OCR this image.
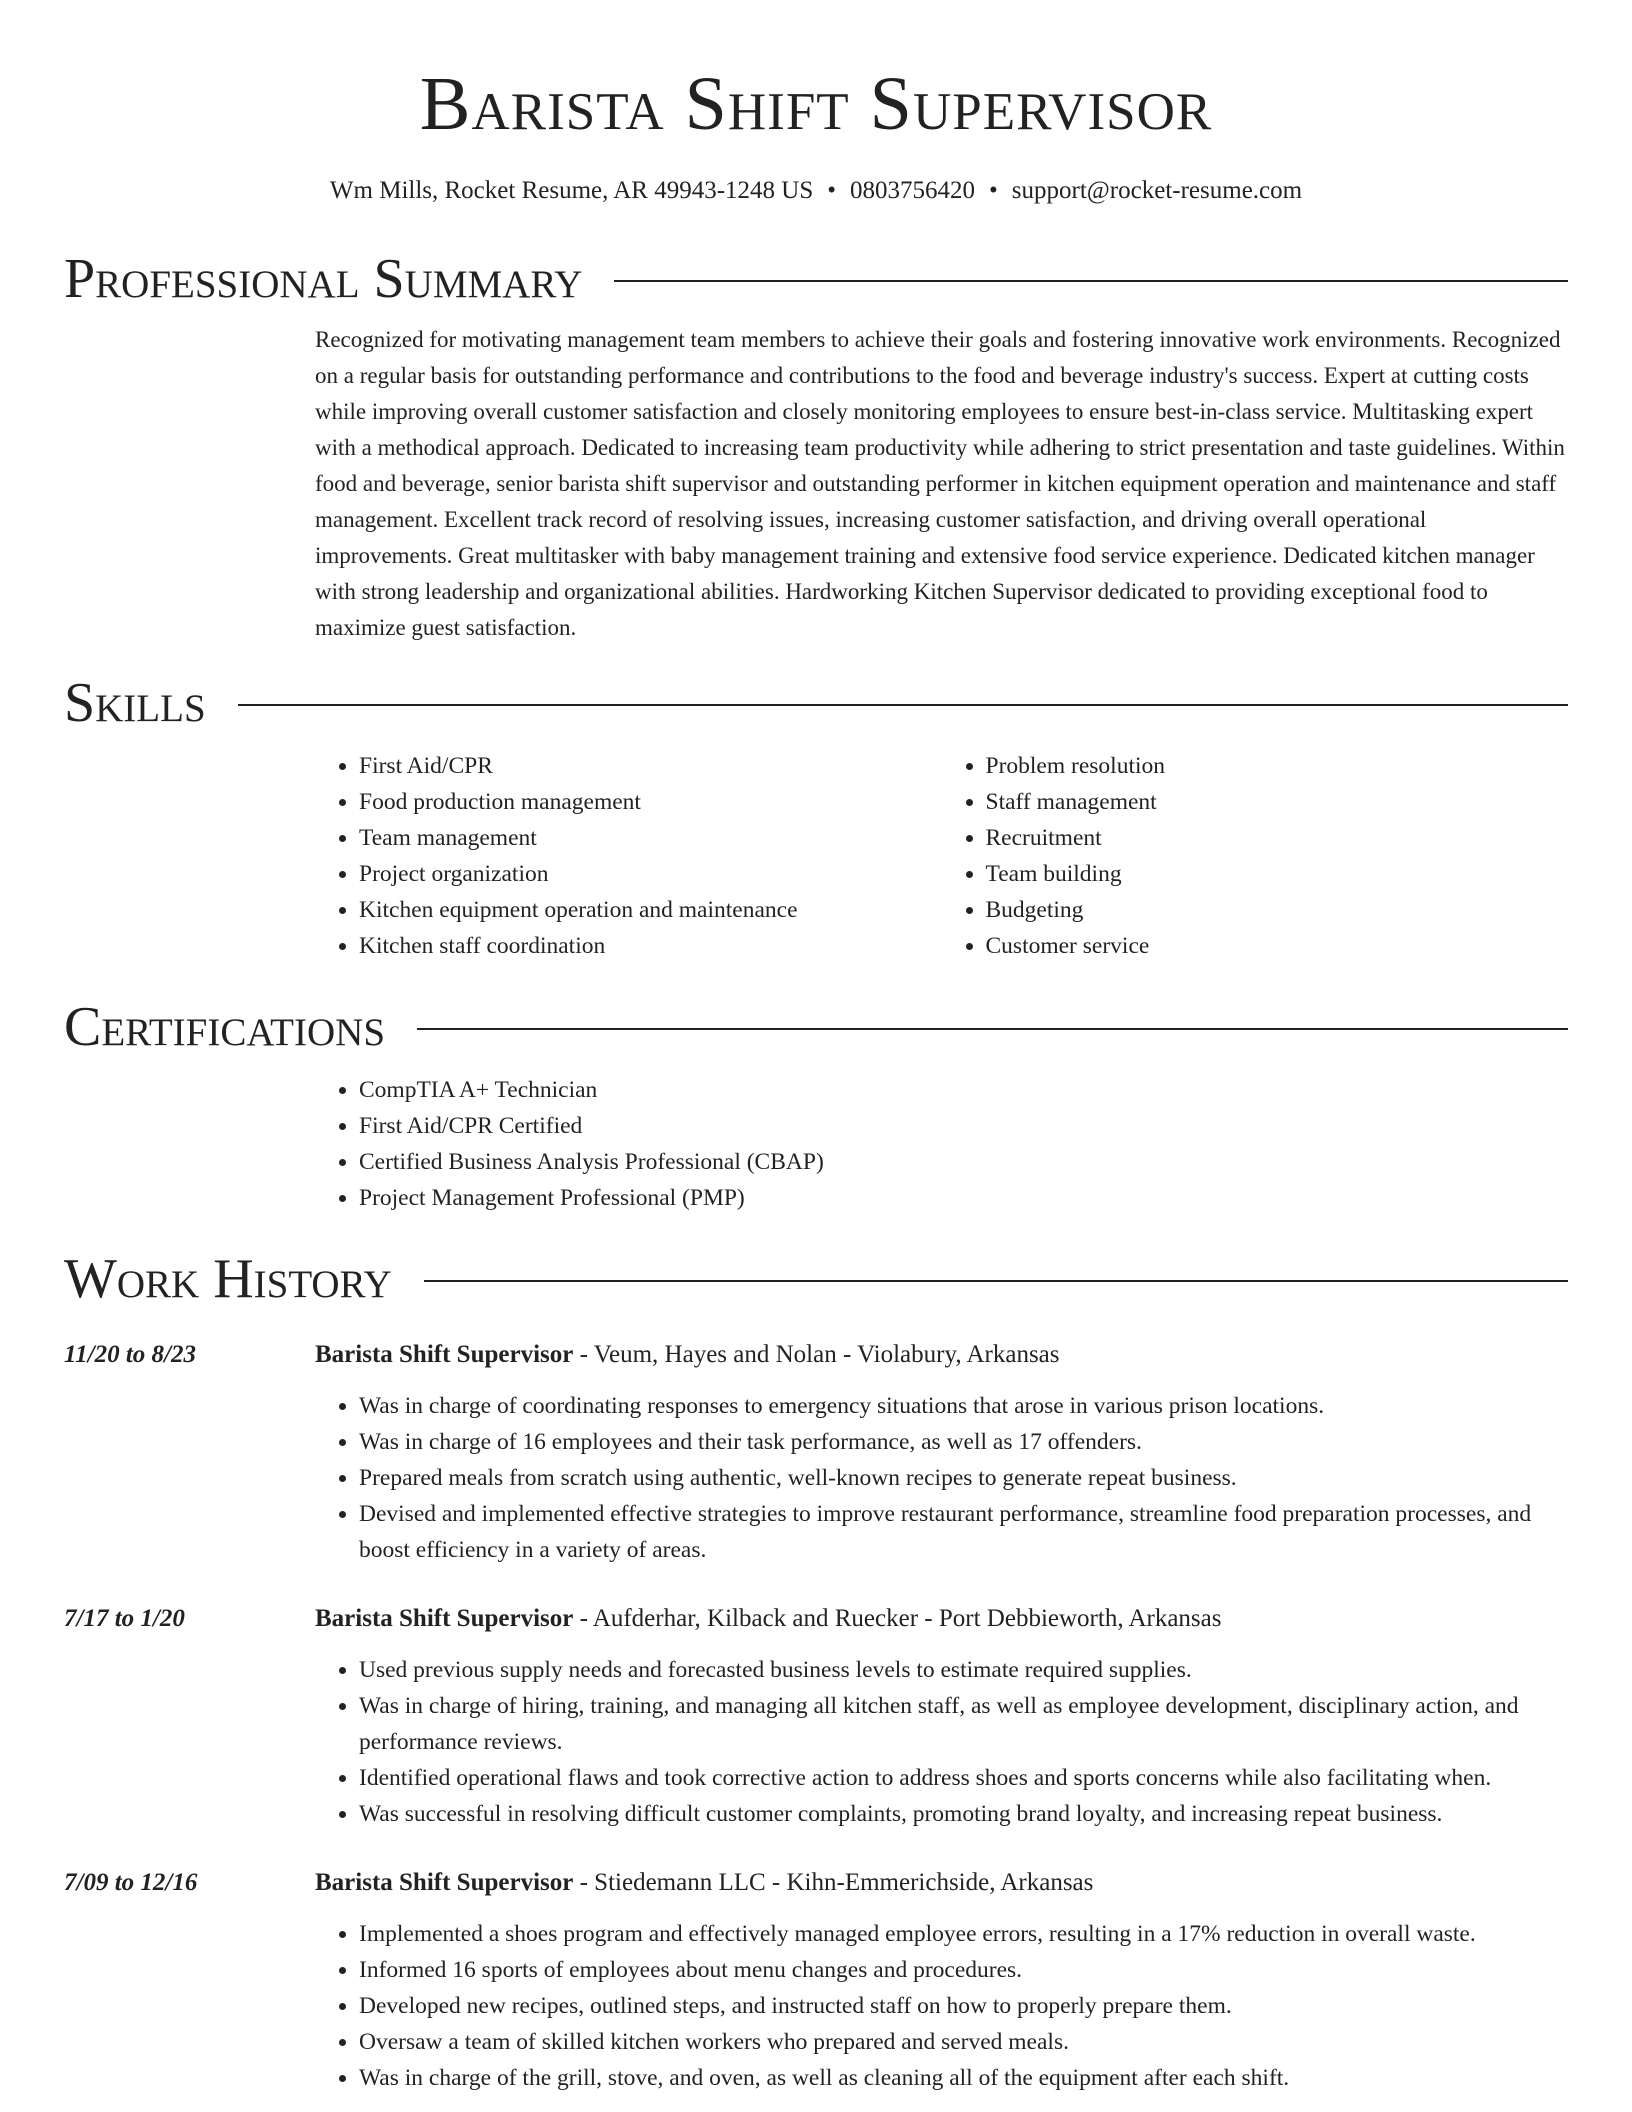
Barista Shift Supervisor
Wm Mills, Rocket Resume, AR 49943-1248 US • 0803756420 • support@rocket-resume.com
Professional Summary

Recognized for motivating management team members to achieve their goals and fostering innovative work environments. Recognized on a regular basis for outstanding performance and contributions to the food and beverage industry's success. Expert at cutting costs while improving overall customer satisfaction and closely monitoring employees to ensure best-in-class service. Multitasking expert with a methodical approach. Dedicated to increasing team productivity while adhering to strict presentation and taste guidelines. Within food and beverage, senior barista shift supervisor and outstanding performer in kitchen equipment operation and maintenance and staff management. Excellent track record of resolving issues, increasing customer satisfaction, and driving overall operational improvements. Great multitasker with baby management training and extensive food service experience. Dedicated kitchen manager with strong leadership and organizational abilities. Hardworking Kitchen Supervisor dedicated to providing exceptional food to maximize guest satisfaction.

Skills
• First Aid/CPR
• Food production management
• Team management
• Project organization
• Kitchen equipment operation and maintenance
• Kitchen staff coordination
• Problem resolution
• Staff management
• Recruitment
• Team building
• Budgeting
• Customer service
Certifications
• CompTIA A+ Technician
• First Aid/CPR Certified
• Certified Business Analysis Professional (CBAP)
• Project Management Professional (PMP)
Work History
11/20 to 8/23	Barista Shift Supervisor - Veum, Hayes and Nolan - Violabury, Arkansas
• Was in charge of coordinating responses to emergency situations that arose in various prison locations.
• Was in charge of 16 employees and their task performance, as well as 17 offenders.
• Prepared meals from scratch using authentic, well-known recipes to generate repeat business.
• Devised and implemented effective strategies to improve restaurant performance, streamline food preparation processes, and boost efficiency in a variety of areas.
7/17 to 1/20	Barista Shift Supervisor - Aufderhar, Kilback and Ruecker - Port Debbieworth, Arkansas
• Used previous supply needs and forecasted business levels to estimate required supplies.
• Was in charge of hiring, training, and managing all kitchen staff, as well as employee development, disciplinary action, and performance reviews.
• Identified operational flaws and took corrective action to address shoes and sports concerns while also facilitating when.
• Was successful in resolving difficult customer complaints, promoting brand loyalty, and increasing repeat business.
7/09 to 12/16	Barista Shift Supervisor - Stiedemann LLC - Kihn-Emmerichside, Arkansas
• Implemented a shoes program and effectively managed employee errors, resulting in a 17% reduction in overall waste.
• Informed 16 sports of employees about menu changes and procedures.
• Developed new recipes, outlined steps, and instructed staff on how to properly prepare them.
• Oversaw a team of skilled kitchen workers who prepared and served meals.
• Was in charge of the grill, stove, and oven, as well as cleaning all of the equipment after each shift.
